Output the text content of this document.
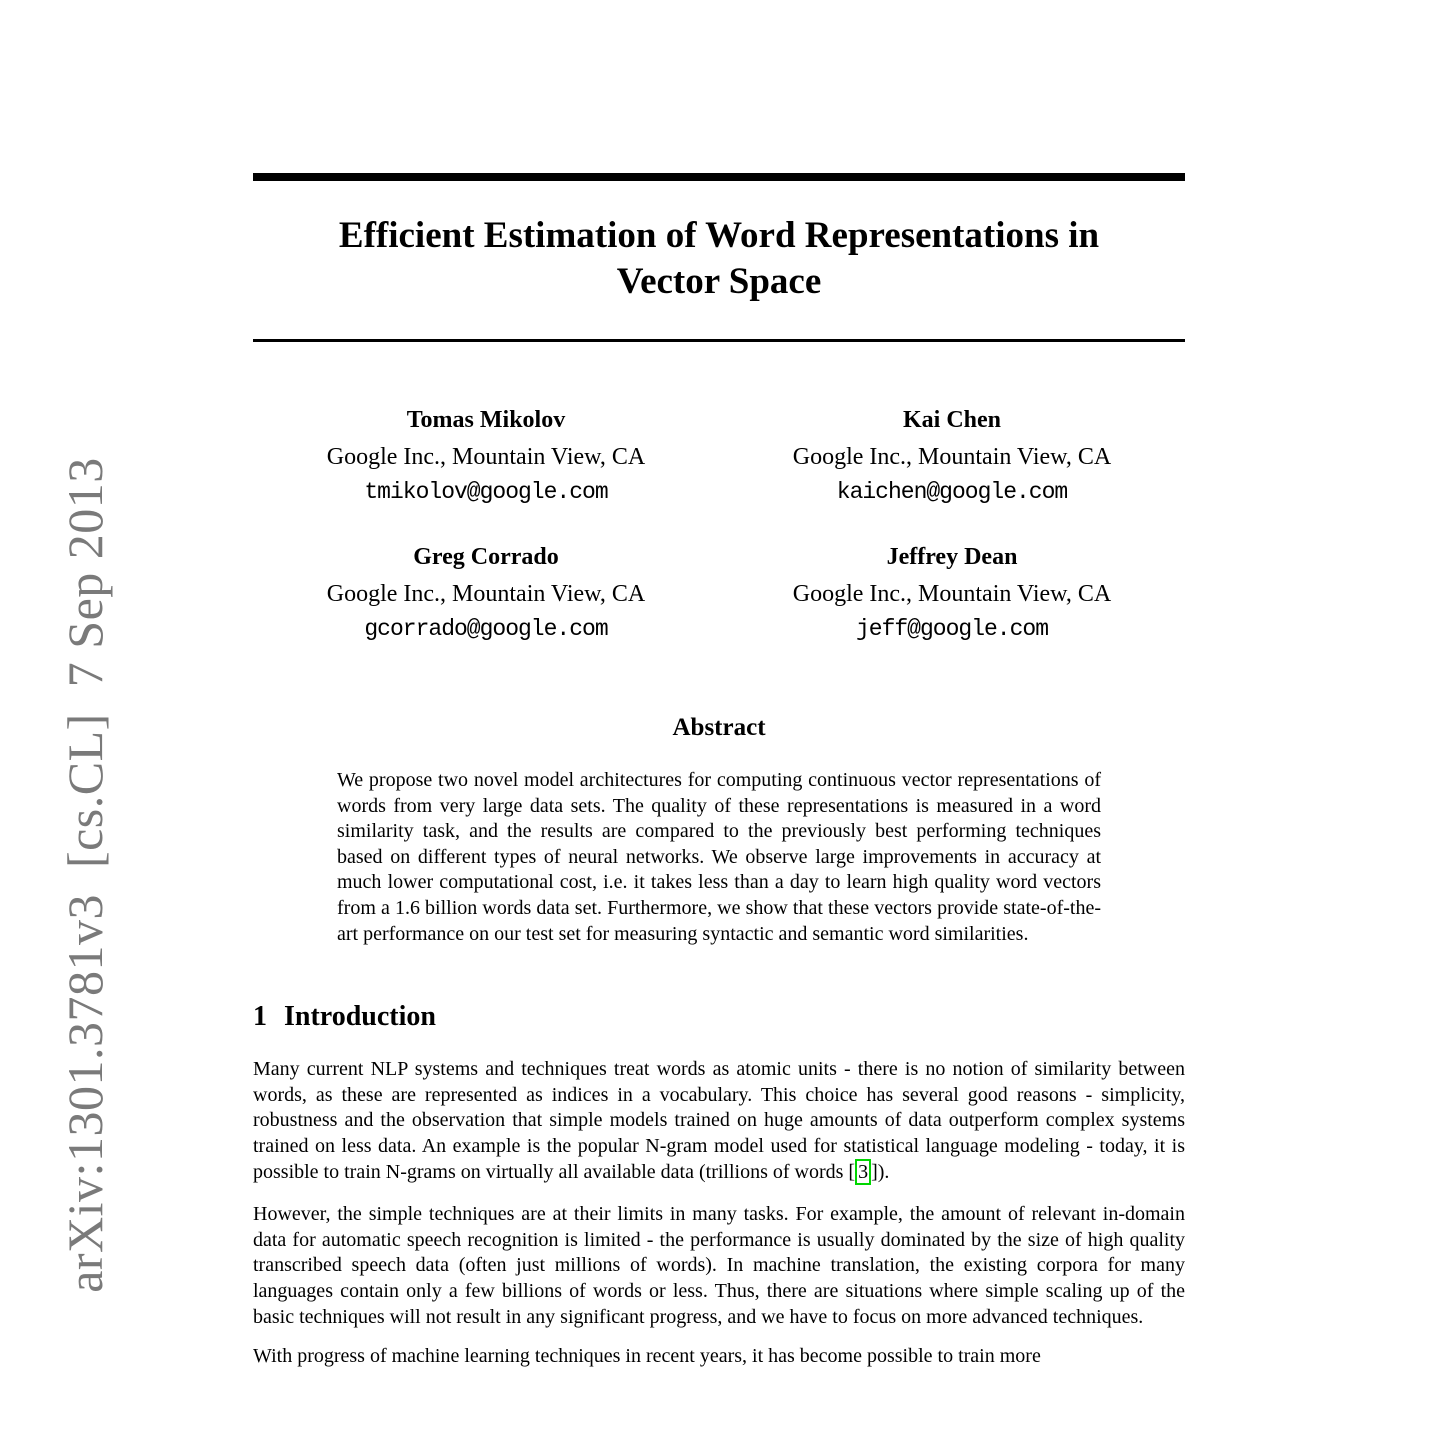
arXiv:1301.3781v3  [cs.CL]  7 Sep 2013
Efficient Estimation of Word Representations in
Vector Space
Tomas Mikolov
Google Inc., Mountain View, CA
tmikolov@google.com
Kai Chen
Google Inc., Mountain View, CA
kaichen@google.com
Greg Corrado
Google Inc., Mountain View, CA
gcorrado@google.com
Jeffrey Dean
Google Inc., Mountain View, CA
jeff@google.com
Abstract

We propose two novel model architectures for computing continuous vector representations of words from very large data sets. The quality of these representations is measured in a word similarity task, and the results are compared to the previously best performing techniques based on different types of neural networks. We observe large improvements in accuracy at much lower computational cost, i.e. it takes less than a day to learn high quality word vectors from a 1.6 billion words data set. Furthermore, we show that these vectors provide state-of-the-art performance on our test set for measuring syntactic and semantic word similarities.

1 Introduction

Many current NLP systems and techniques treat words as atomic units - there is no notion of similarity between words, as these are represented as indices in a vocabulary. This choice has several good reasons - simplicity, robustness and the observation that simple models trained on huge amounts of data outperform complex systems trained on less data. An example is the popular N-gram model used for statistical language modeling - today, it is possible to train N-grams on virtually all available data (trillions of words [ 3 ]).

However, the simple techniques are at their limits in many tasks. For example, the amount of relevant in-domain data for automatic speech recognition is limited - the performance is usually dominated by the size of high quality transcribed speech data (often just millions of words). In machine translation, the existing corpora for many languages contain only a few billions of words or less. Thus, there are situations where simple scaling up of the basic techniques will not result in any significant progress, and we have to focus on more advanced techniques.

With progress of machine learning techniques in recent years, it has become possible to train more
